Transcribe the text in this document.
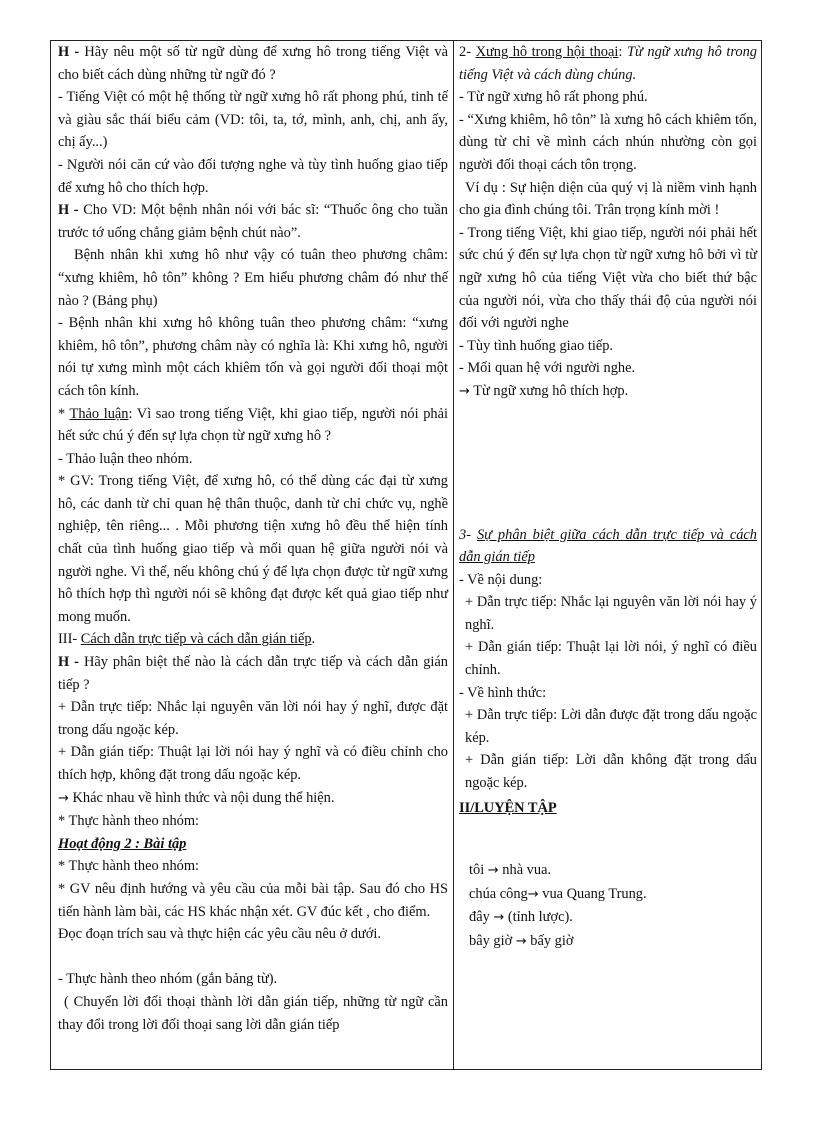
H - Hãy nêu một số từ ngữ dùng để xưng hô trong tiếng Việt và cho biết cách dùng những từ ngữ đó ?

- Tiếng Việt có một hệ thống từ ngữ xưng hô rất phong phú, tinh tế và giàu sắc thái biểu cảm (VD: tôi, ta, tớ, mình, anh, chị, anh ấy, chị ấy...)

- Người nói căn cứ vào đối tượng nghe và tùy tình huống giao tiếp để xưng hô cho thích hợp.

H - Cho VD: Một bệnh nhân nói với bác sĩ: “Thuốc ông cho tuần trước tớ uống chẳng giảm bệnh chút nào”.

Bệnh nhân khi xưng hô như vậy có tuân theo phương châm: “xưng khiêm, hô tôn” không ? Em hiểu phương châm đó như thế nào ? (Bảng phụ)

- Bệnh nhân khi xưng hô không tuân theo phương châm: “xưng khiêm, hô tôn”, phương châm này có nghĩa là: Khi xưng hô, người nói tự xưng mình một cách khiêm tốn và gọi người đối thoại một cách tôn kính.

* Thảo luận: Vì sao trong tiếng Việt, khi giao tiếp, người nói phải hết sức chú ý đến sự lựa chọn từ ngữ xưng hô ?

- Thảo luận theo nhóm.

* GV: Trong tiếng Việt, để xưng hô, có thể dùng các đại từ xưng hô, các danh từ chỉ quan hệ thân thuộc, danh từ chỉ chức vụ, nghề nghiệp, tên riêng... . Mỗi phương tiện xưng hô đều thể hiện tính chất của tình huống giao tiếp và mối quan hệ giữa người nói và người nghe. Vì thế, nếu không chú ý để lựa chọn được từ ngữ xưng hô thích hợp thì người nói sẽ không đạt được kết quả giao tiếp như mong muốn.

III- Cách dẫn trực tiếp và cách dẫn gián tiếp.

H - Hãy phân biệt thế nào là cách dẫn trực tiếp và cách dẫn gián tiếp ?

+ Dẫn trực tiếp: Nhắc lại nguyên văn lời nói hay ý nghĩ, được đặt trong dấu ngoặc kép.

+ Dẫn gián tiếp: Thuật lại lời nói hay ý nghĩ và có điều chỉnh cho thích hợp, không đặt trong dấu ngoặc kép.

→ Khác nhau về hình thức và nội dung thể hiện.

* Thực hành theo nhóm:

Hoạt động 2 : Bài tập

* Thực hành theo nhóm:

* GV nêu định hướng và yêu cầu của mỗi bài tập. Sau đó cho HS tiến hành làm bài, các HS khác nhận xét. GV đúc kết , cho điểm.

Đọc đoạn trích sau và thực hiện các yêu cầu nêu ở dưới.

- Thực hành theo nhóm (gắn bảng từ).

( Chuyển lời đối thoại thành lời dẫn gián tiếp, những từ ngữ cần thay đổi trong lời đối thoại sang lời dẫn gián tiếp

2- Xưng hô trong hội thoại: Từ ngữ xưng hô trong tiếng Việt và cách dùng chúng.

- Từ ngữ xưng hô rất phong phú.

- “Xưng khiêm, hô tôn” là xưng hô cách khiêm tốn, dùng từ chỉ về mình cách nhún nhường còn gọi người đối thoại cách tôn trọng.

Ví dụ : Sự hiện diện của quý vị là niềm vinh hạnh cho gia đình chúng tôi. Trân trọng kính mời !

- Trong tiếng Việt, khi giao tiếp, người nói phải hết sức chú ý đến sự lựa chọn từ ngữ xưng hô bởi vì từ ngữ xưng hô của tiếng Việt vừa cho biết thứ bậc của người nói, vừa cho thấy thái độ của người nói đối với người nghe

- Tùy tình huống giao tiếp.

- Mối quan hệ với người nghe.

→ Từ ngữ xưng hô thích hợp.

3- Sự phân biệt giữa cách dẫn trực tiếp và cách dẫn gián tiếp

- Về nội dung:

+ Dẫn trực tiếp: Nhắc lại nguyên văn lời nói hay ý nghĩ.

+ Dẫn gián tiếp: Thuật lại lời nói, ý nghĩ có điều chỉnh.

- Về hình thức:

+ Dẫn trực tiếp: Lời dẫn được đặt trong dấu ngoặc kép.

+ Dẫn gián tiếp: Lời dẫn không đặt trong dấu ngoặc kép.

II/LUYỆN TẬP

tôi → nhà vua.

chúa công→ vua Quang Trung.

đây → (tỉnh lược).

bây giờ → bấy giờ
